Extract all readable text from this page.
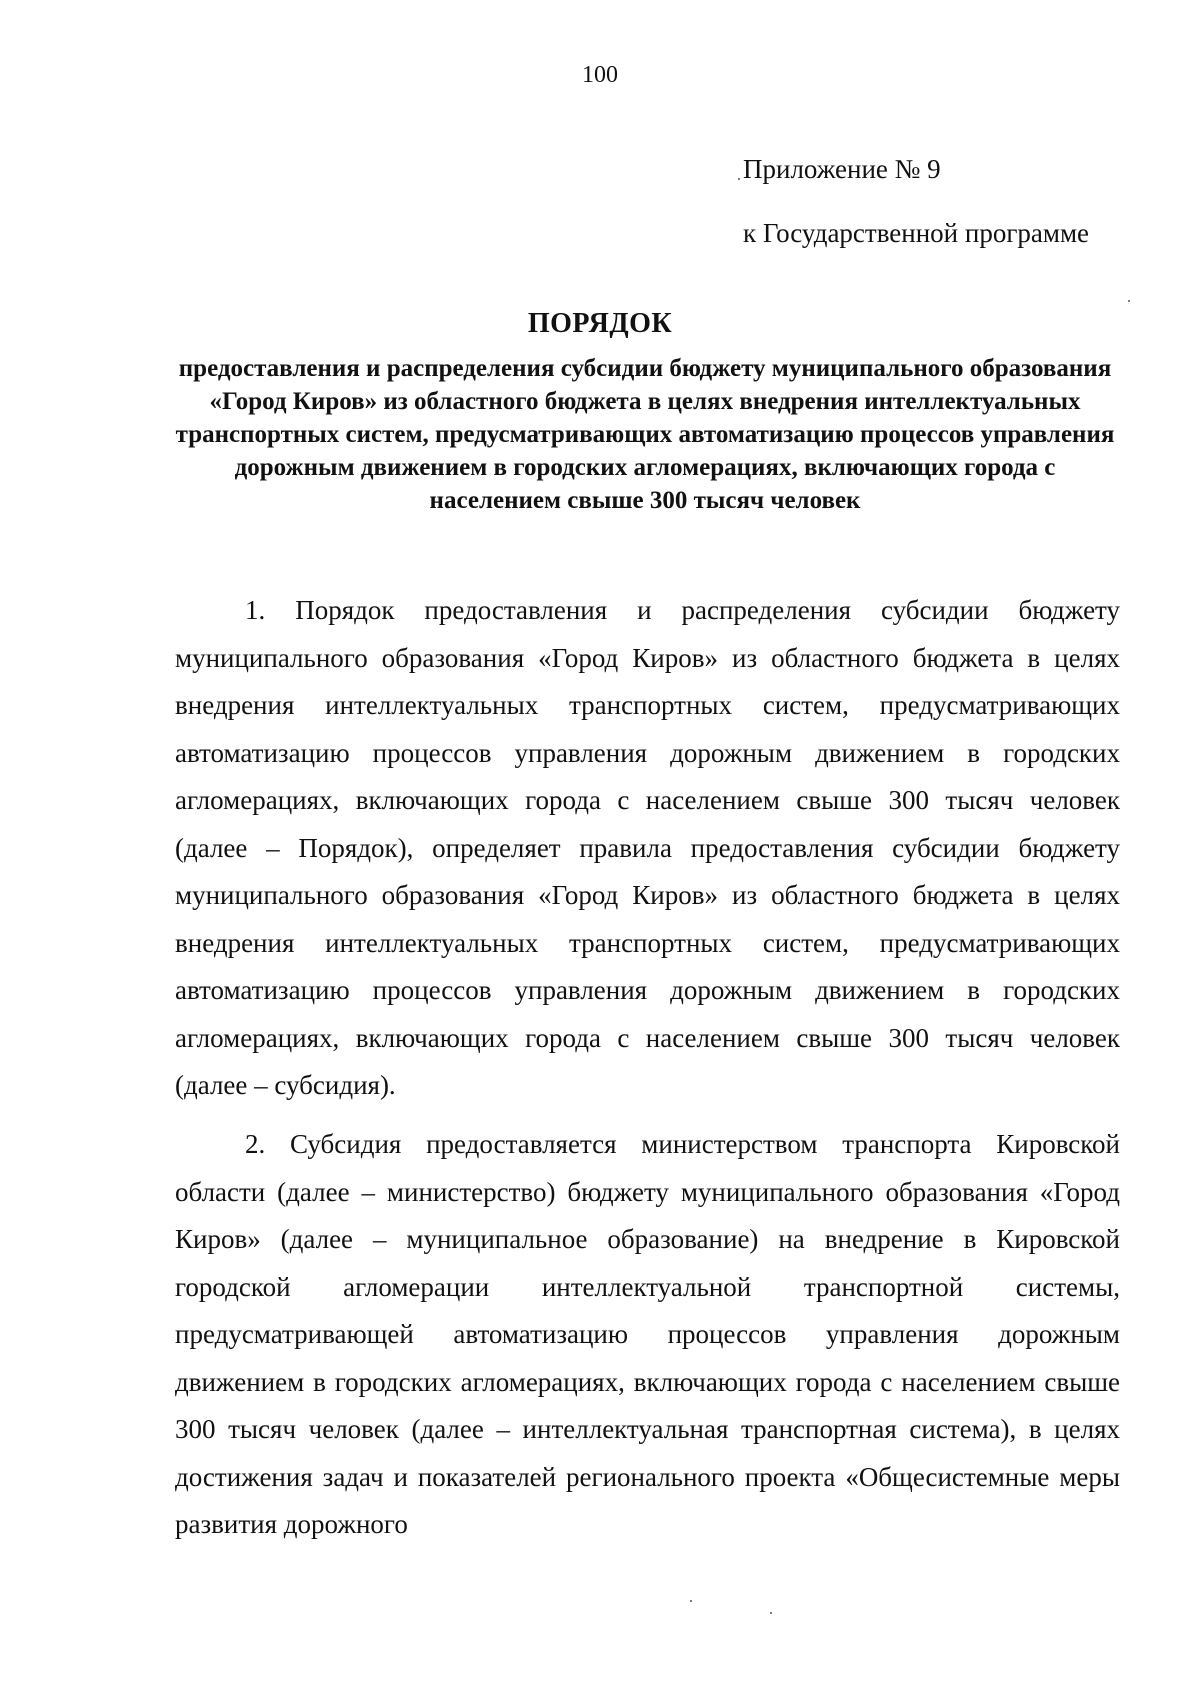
100
Приложение № 9
к Государственной программе
ПОРЯДОК
предоставления и распределения субсидии бюджету муниципального образования «Город Киров» из областного бюджета в целях внедрения интеллектуальных транспортных систем, предусматривающих автоматизацию процессов управления дорожным движением в городских агломерациях, включающих города с населением свыше 300 тысяч человек

1. Порядок предоставления и распределения субсидии бюджету муниципального образования «Город Киров» из областного бюджета в целях внедрения интеллектуальных транспортных систем, предусматривающих автоматизацию процессов управления дорожным движением в городских агломерациях, включающих города с населением свыше 300 тысяч человек (далее – Порядок), определяет правила предоставления субсидии бюджету муниципального образования «Город Киров» из областного бюджета в целях внедрения интеллектуальных транспортных систем, предусматривающих автоматизацию процессов управления дорожным движением в городских агломерациях, включающих города с населением свыше 300 тысяч человек (далее – субсидия).

2. Субсидия предоставляется министерством транспорта Кировской области (далее – министерство) бюджету муниципального образования «Город Киров» (далее – муниципальное образование) на внедрение в Кировской городской агломерации интеллектуальной транспортной системы, предусматривающей автоматизацию процессов управления дорожным движением в городских агломерациях, включающих города с населением свыше 300 тысяч человек (далее – интеллектуальная транспортная система), в целях достижения задач и показателей регионального проекта «Общесистемные меры развития дорожного
